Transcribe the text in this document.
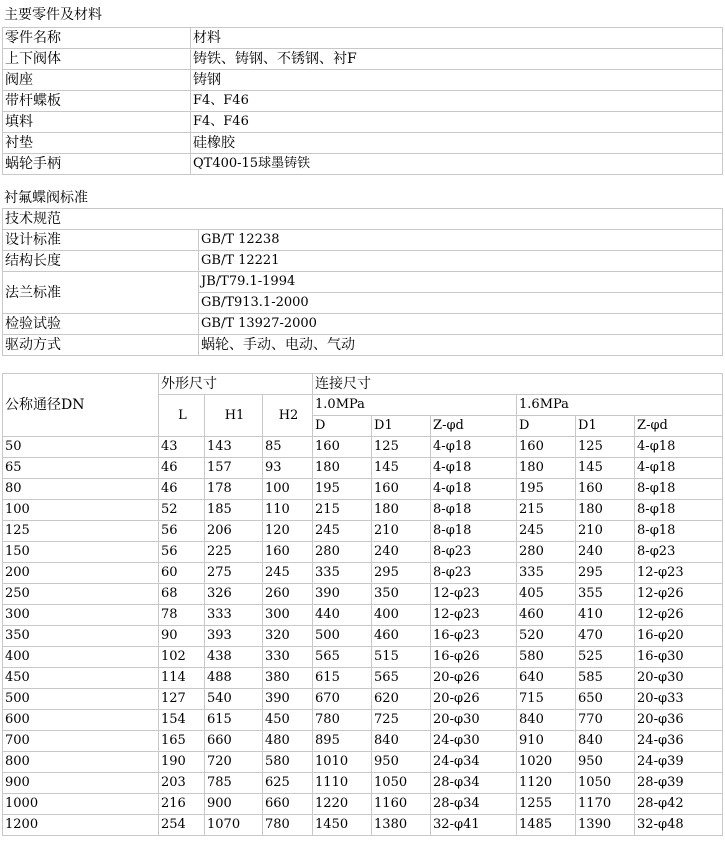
主要零件及材料
零件名称	材料
上下阀体	铸铁、铸钢、不锈钢、衬F
阀座	铸钢
带杆蝶板	F4、F46
填料	F4、F46
衬垫	硅橡胶
蜗轮手柄	QT400-15球墨铸铁
衬氟蝶阀标准
技术规范	
设计标准	GB/T 12238
结构长度	GB/T 12221
法兰标准	JB/T79.1-1994
	GB/T913.1-2000
检验试验	GB/T 13927-2000
驱动方式	蜗轮、手动、电动、气动
公称通径DN	外形尺寸			连接尺寸					
	L	H1	H2	1.0MPa			1.6MPa		
				D	D1	Z-φd	D	D1	Z-φd
50	43	143	85	160	125	4-φ18	160	125	4-φ18
65	46	157	93	180	145	4-φ18	180	145	4-φ18
80	46	178	100	195	160	4-φ18	195	160	8-φ18
100	52	185	110	215	180	8-φ18	215	180	8-φ18
125	56	206	120	245	210	8-φ18	245	210	8-φ18
150	56	225	160	280	240	8-φ23	280	240	8-φ23
200	60	275	245	335	295	8-φ23	335	295	12-φ23
250	68	326	260	390	350	12-φ23	405	355	12-φ26
300	78	333	300	440	400	12-φ23	460	410	12-φ26
350	90	393	320	500	460	16-φ23	520	470	16-φ20
400	102	438	330	565	515	16-φ26	580	525	16-φ30
450	114	488	380	615	565	20-φ26	640	585	20-φ30
500	127	540	390	670	620	20-φ26	715	650	20-φ33
600	154	615	450	780	725	20-φ30	840	770	20-φ36
700	165	660	480	895	840	24-φ30	910	840	24-φ36
800	190	720	580	1010	950	24-φ34	1020	950	24-φ39
900	203	785	625	1110	1050	28-φ34	1120	1050	28-φ39
1000	216	900	660	1220	1160	28-φ34	1255	1170	28-φ42
1200	254	1070	780	1450	1380	32-φ41	1485	1390	32-φ48
